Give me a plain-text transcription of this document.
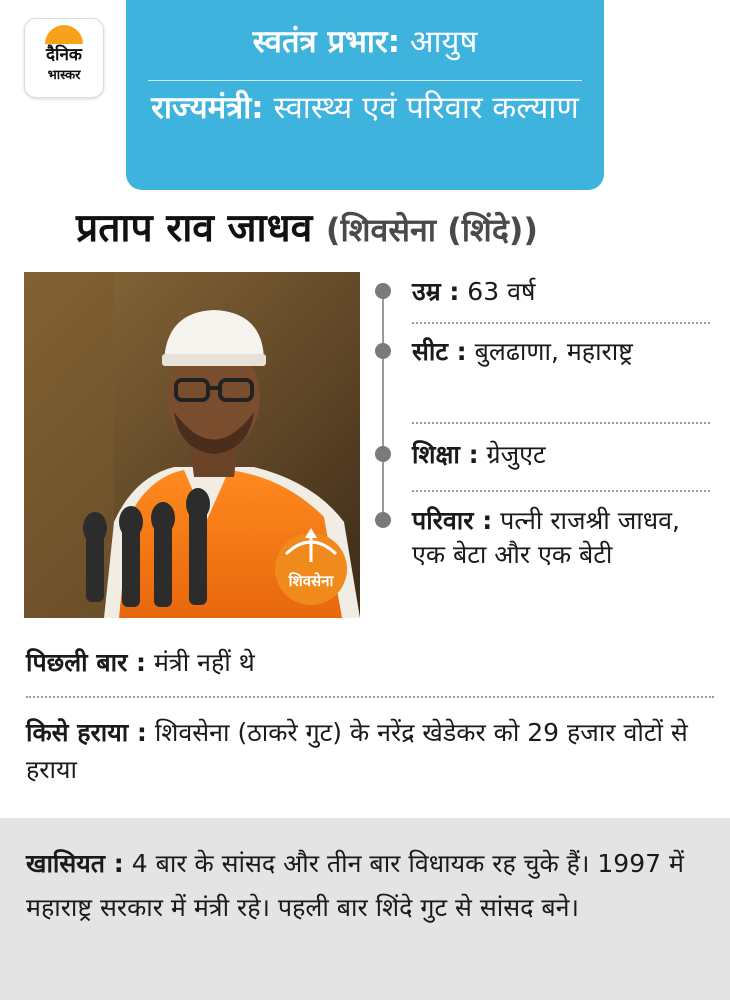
दैनिक
भास्कर
स्वतंत्र प्रभार: आयुष
राज्यमंत्री: स्वास्थ्य एवं परिवार कल्याण
प्रताप राव जाधव (शिवसेना (शिंदे))
शिवसेना
उम्र : 63 वर्ष
सीट : बुलढाणा, महाराष्ट्र
शिक्षा : ग्रेजुएट
परिवार : पत्नी राजश्री जाधव, एक बेटा और एक बेटी
पिछली बार : मंत्री नहीं थे
किसे हराया : शिवसेना (ठाकरे गुट) के नरेंद्र खेडेकर को 29 हजार वोटों से हराया
खासियत : 4 बार के सांसद और तीन बार विधायक रह चुके हैं। 1997 में महाराष्ट्र सरकार में मंत्री रहे। पहली बार शिंदे गुट से सांसद बने।
